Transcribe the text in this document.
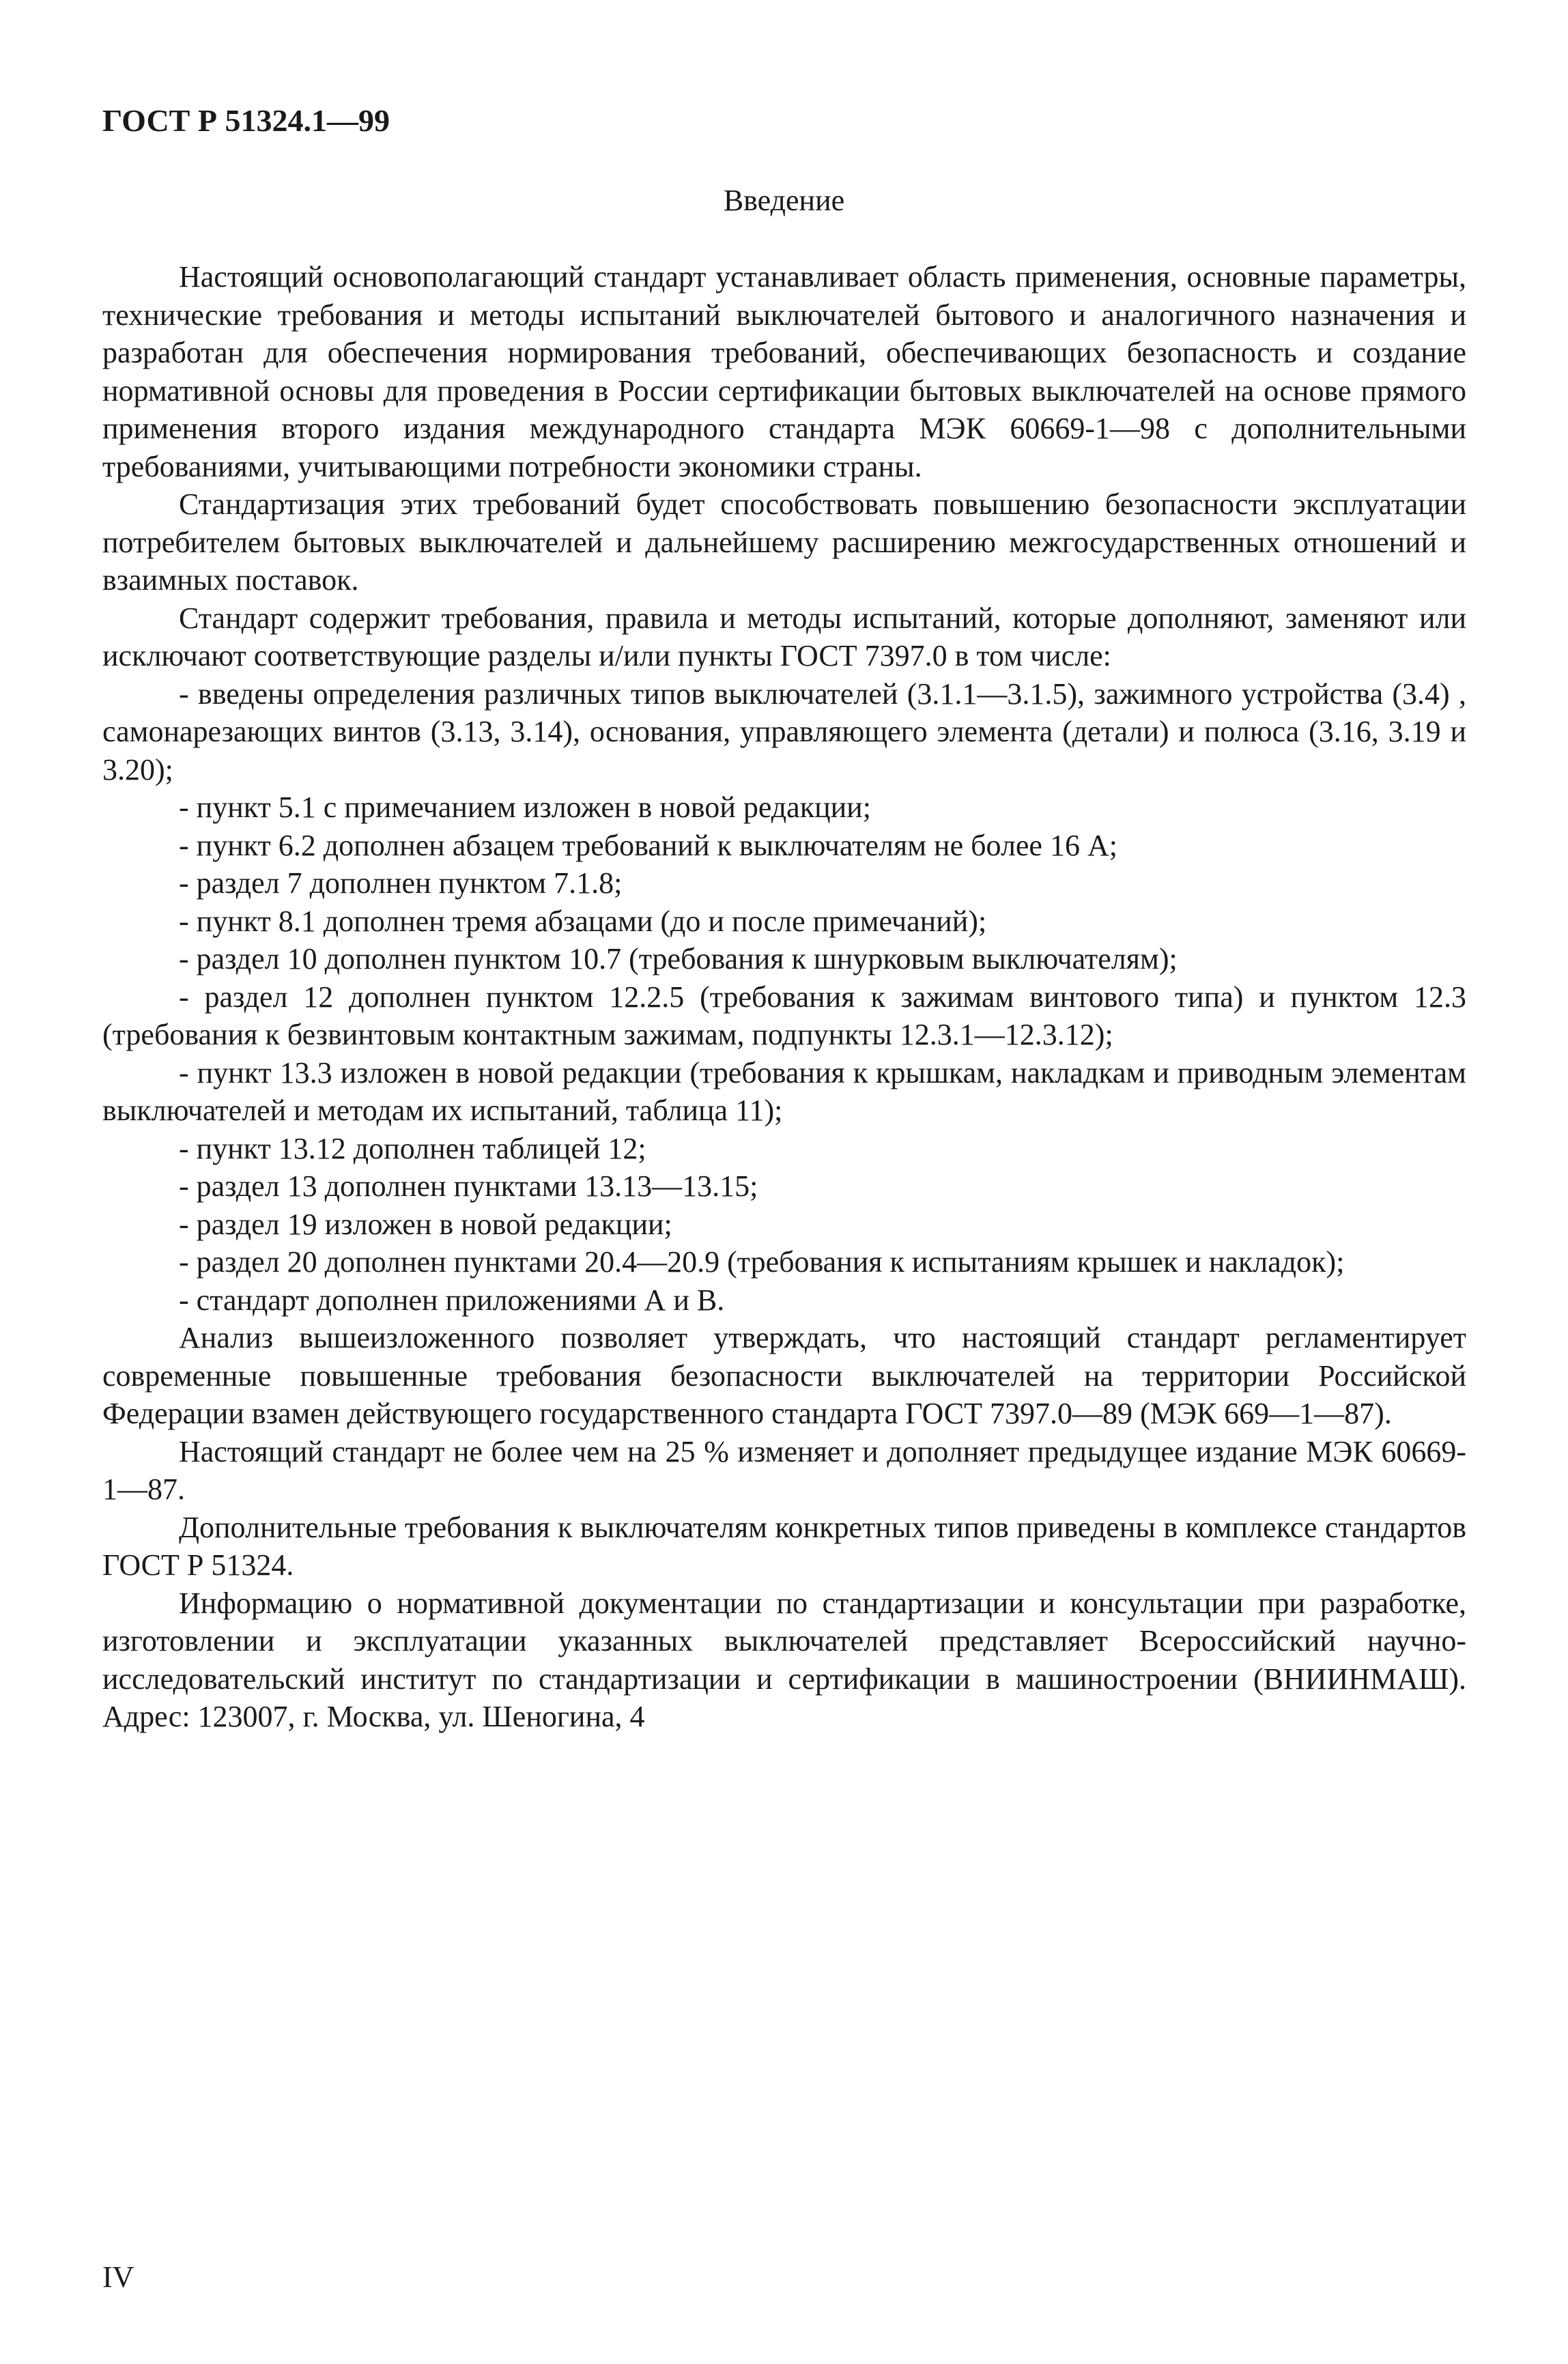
ГОСТ Р 51324.1—99
Введение

Настоящий основополагающий стандарт устанавливает область применения, основные параметры, технические требования и методы испытаний выключателей бытового и аналогичного назначения и разработан для обеспечения нормирования требований, обеспечивающих безопасность и создание нормативной основы для проведения в России сертификации бытовых выключателей на основе прямого применения второго издания международного стандарта МЭК 60669-1—98 с дополнительными требованиями, учитывающими потребности экономики страны.

Стандартизация этих требований будет способствовать повышению безопасности эксплуатации потребителем бытовых выключателей и дальнейшему расширению межгосударственных отношений и взаимных поставок.

Стандарт содержит требования, правила и методы испытаний, которые дополняют, заменяют или исключают соответствующие разделы и/или пункты ГОСТ 7397.0 в том числе:

- введены определения различных типов выключателей (3.1.1—3.1.5), зажимного устройства (3.4) , самонарезающих винтов (3.13, 3.14), основания, управляющего элемента (детали) и полюса (3.16, 3.19 и 3.20);

- пункт 5.1 с примечанием изложен в новой редакции;

- пункт 6.2 дополнен абзацем требований к выключателям не более 16 А;

- раздел 7 дополнен пунктом 7.1.8;

- пункт 8.1 дополнен тремя абзацами (до и после примечаний);

- раздел 10 дополнен пунктом 10.7 (требования к шнурковым выключателям);

- раздел 12 дополнен пунктом 12.2.5 (требования к зажимам винтового типа) и пунктом 12.3 (требования к безвинтовым контактным зажимам, подпункты 12.3.1—12.3.12);

- пункт 13.3 изложен в новой редакции (требования к крышкам, накладкам и приводным элементам выключателей и методам их испытаний, таблица 11);

- пункт 13.12 дополнен таблицей 12;

- раздел 13 дополнен пунктами 13.13—13.15;

- раздел 19 изложен в новой редакции;

- раздел 20 дополнен пунктами 20.4—20.9 (требования к испытаниям крышек и накладок);

- стандарт дополнен приложениями А и В.

Анализ вышеизложенного позволяет утверждать, что настоящий стандарт регламентирует современные повышенные требования безопасности выключателей на территории Российской Федерации взамен действующего государственного стандарта ГОСТ 7397.0—89 (МЭК 669—1—87).

Настоящий стандарт не более чем на 25 % изменяет и дополняет предыдущее издание МЭК 60669-1—87.

Дополнительные требования к выключателям конкретных типов приведены в комплексе стандартов ГОСТ Р 51324.

Информацию о нормативной документации по стандартизации и консультации при разработке, изготовлении и эксплуатации указанных выключателей представляет Всероссийский научно-исследовательский институт по стандартизации и сертификации в машиностроении (ВНИИНМАШ). Адрес: 123007, г. Москва, ул. Шеногина, 4

IV
